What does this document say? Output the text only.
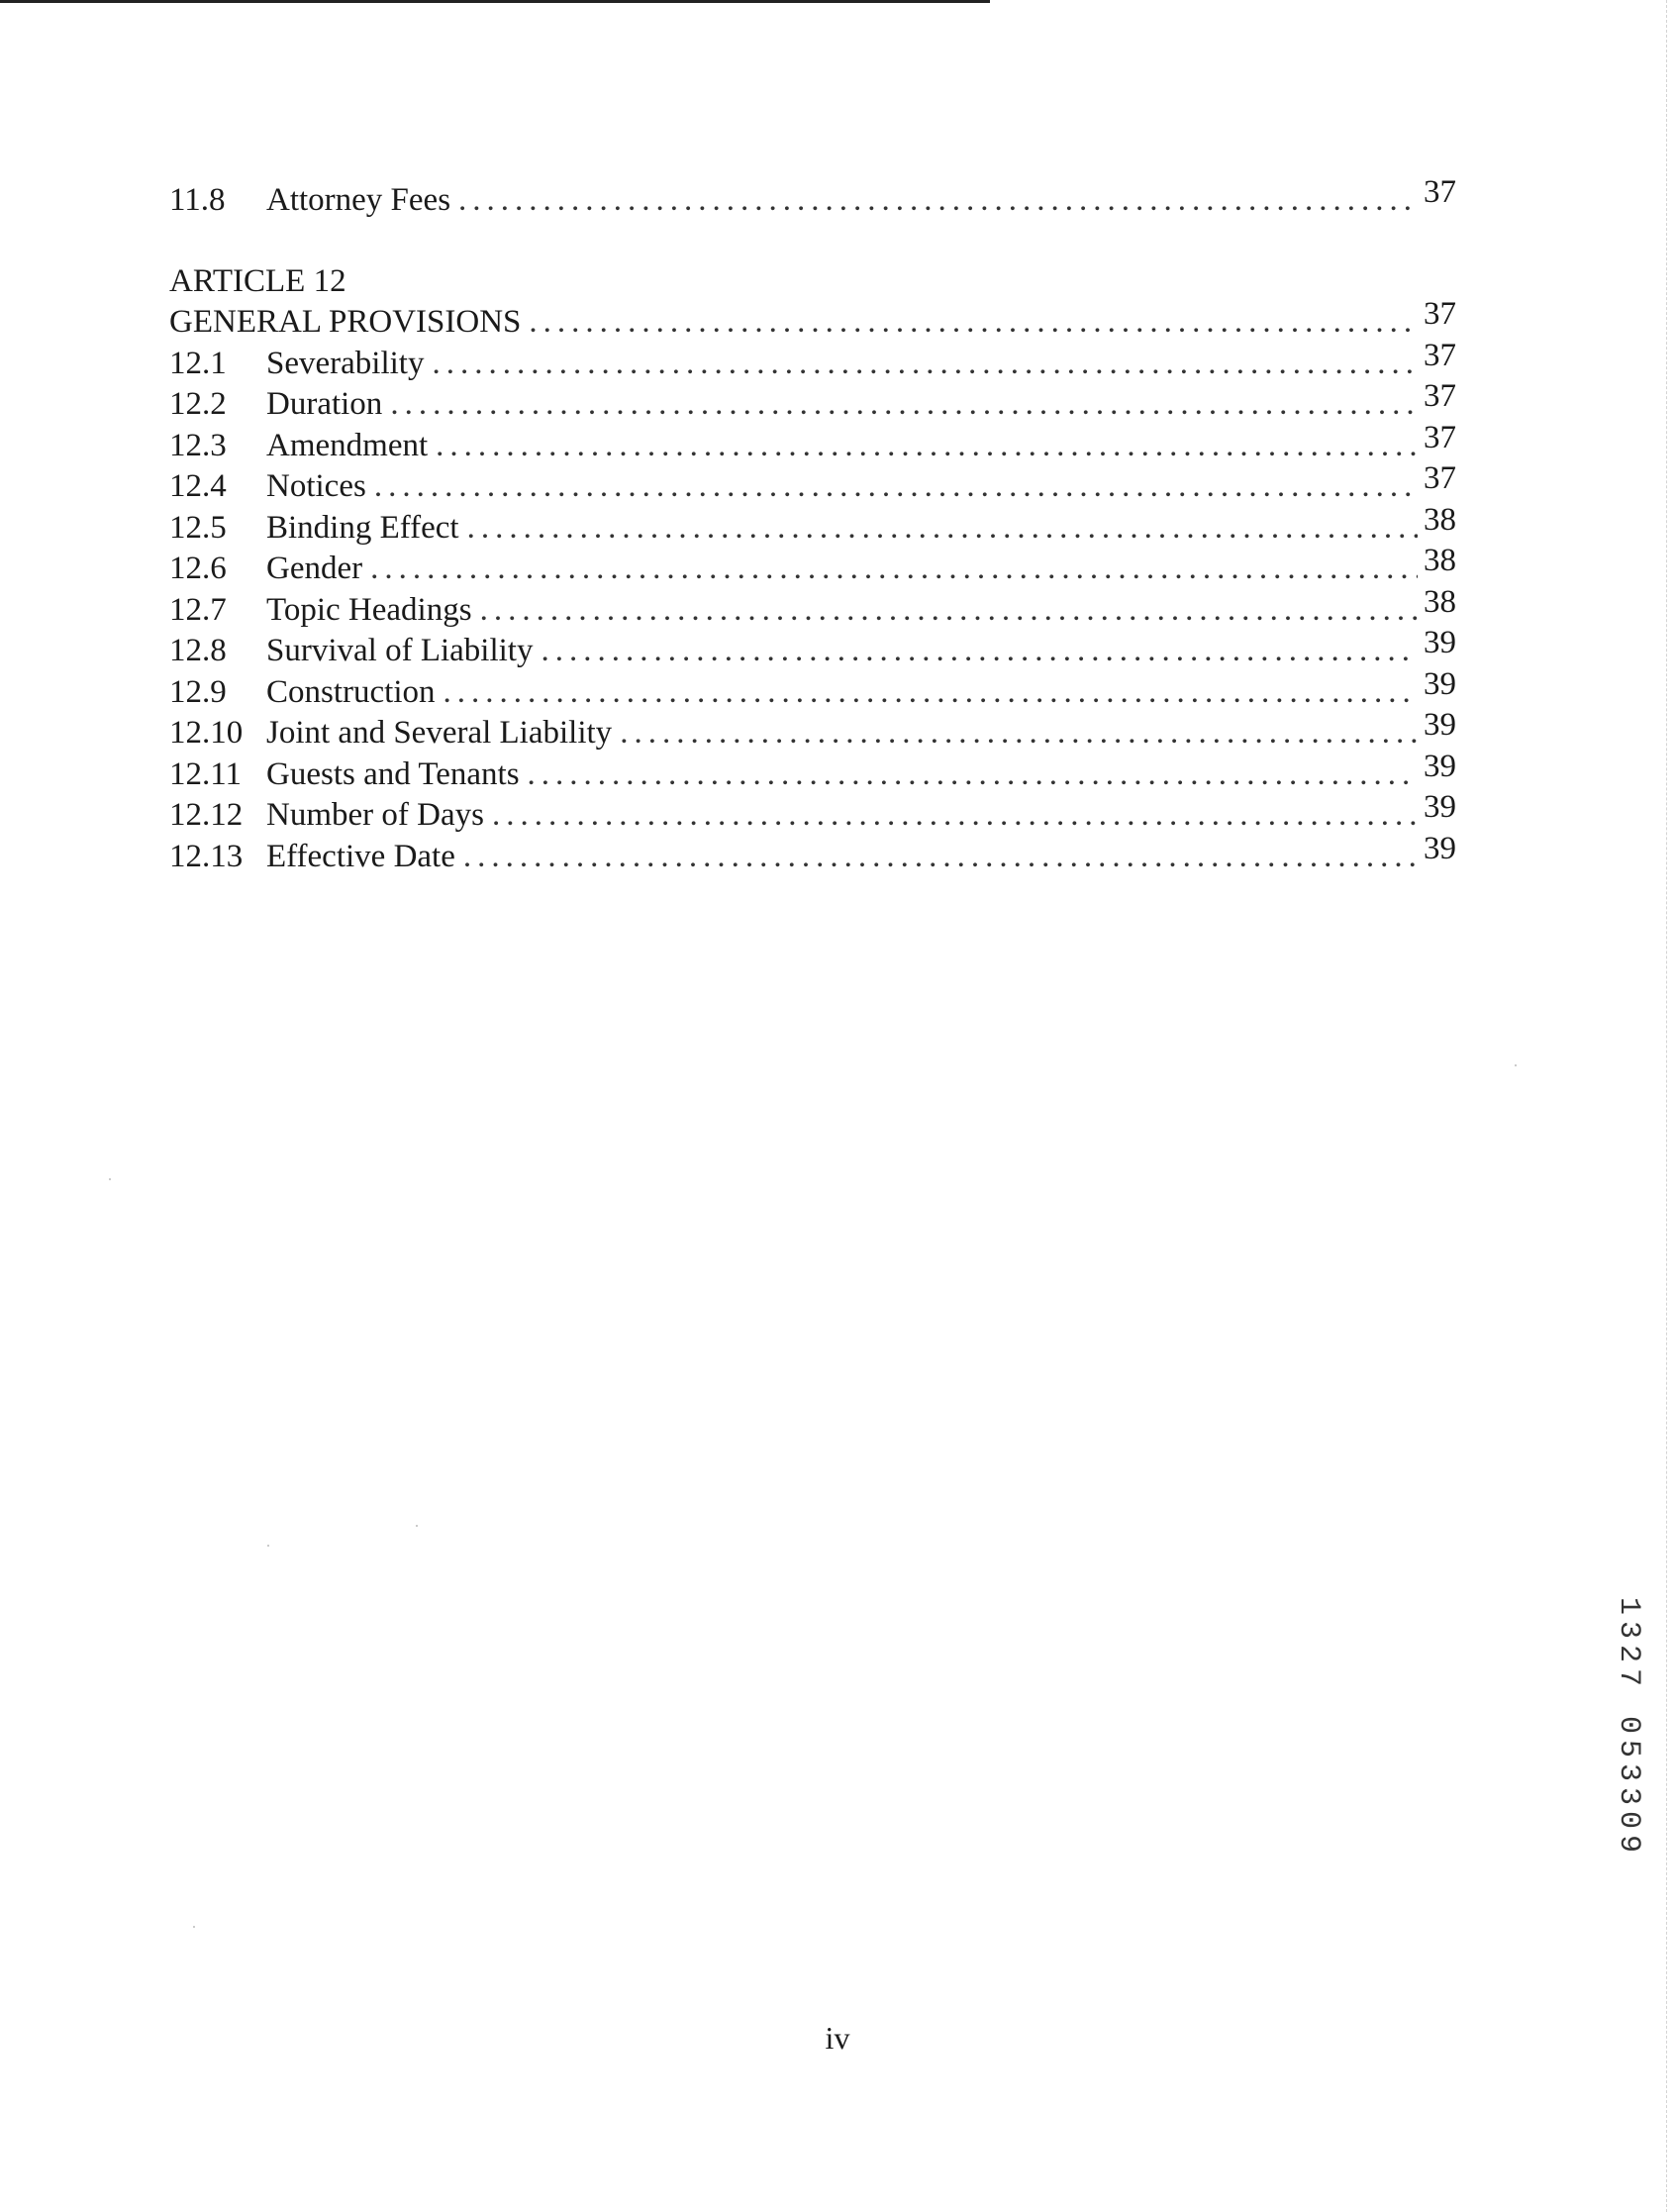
11.8	Attorney Fees .....	37
ARTICLE 12
GENERAL PROVISIONS .....	37
12.1	Severability .....	37
12.2	Duration .....	37
12.3	Amendment .....	37
12.4	Notices .....	37
12.5	Binding Effect .....	38
12.6	Gender .....	38
12.7	Topic Headings .....	38
12.8	Survival of Liability .....	39
12.9	Construction .....	39
12.10 Joint and Several Liability .....	39
12.11 Guests and Tenants .....	39
12.12 Number of Days .....	39
12.13 Effective Date .....	39
1327 053309
iv
